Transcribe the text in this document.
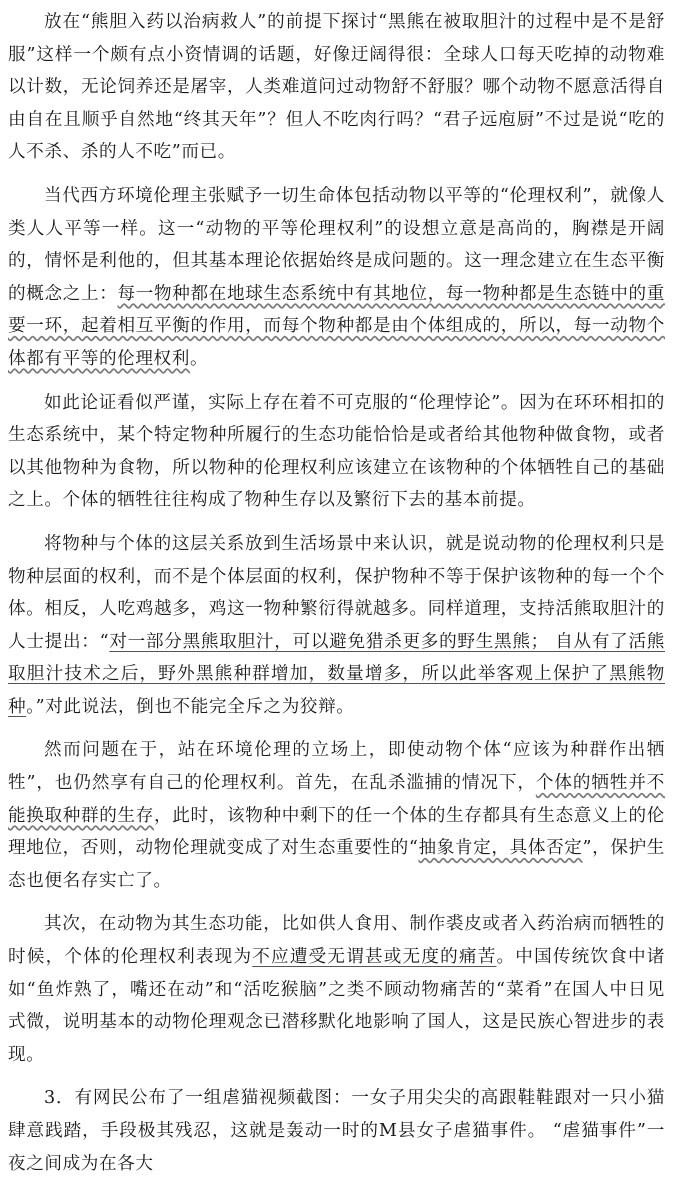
放在“熊胆入药以治病救人”的前提下探讨“黑熊在被取胆汁的过程中是不是舒服”这样一个颇有点小资情调的话题，好像迂阔得很：全球人口每天吃掉的动物难以计数，无论饲养还是屠宰，人类难道问过动物舒不舒服？哪个动物不愿意活得自由自在且顺乎自然地“终其天年”？但人不吃肉行吗？“君子远庖厨”不过是说“吃的人不杀、杀的人不吃”而已。

当代西方环境伦理主张赋予一切生命体包括动物以平等的“伦理权利”，就像人类人人平等一样。这一“动物的平等伦理权利”的设想立意是高尚的，胸襟是开阔的，情怀是利他的，但其基本理论依据始终是成问题的。这一理念建立在生态平衡的概念之上：每一物种都在地球生态系统中有其地位，每一物种都是生态链中的重要一环，起着相互平衡的作用，而每个物种都是由个体组成的，所以，每一动物个体都有平等的伦理权利。

如此论证看似严谨，实际上存在着不可克服的“伦理悖论”。因为在环环相扣的生态系统中，某个特定物种所履行的生态功能恰恰是或者给其他物种做食物，或者以其他物种为食物，所以物种的伦理权利应该建立在该物种的个体牺牲自己的基础之上。个体的牺牲往往构成了物种生存以及繁衍下去的基本前提。

将物种与个体的这层关系放到生活场景中来认识，就是说动物的伦理权利只是物种层面的权利，而不是个体层面的权利，保护物种不等于保护该物种的每一个个体。相反，人吃鸡越多，鸡这一物种繁衍得就越多。同样道理，支持活熊取胆汁的人士提出：“对一部分黑熊取胆汁，可以避免猎杀更多的野生黑熊； 自从有了活熊取胆汁技术之后，野外黑熊种群增加，数量增多，所以此举客观上保护了黑熊物种。”对此说法，倒也不能完全斥之为狡辩。

然而问题在于，站在环境伦理的立场上，即使动物个体“应该为种群作出牺牲”，也仍然享有自己的伦理权利。首先，在乱杀滥捕的情况下，个体的牺牲并不能换取种群的生存，此时，该物种中剩下的任一个体的生存都具有生态意义上的伦理地位，否则，动物伦理就变成了对生态重要性的“抽象肯定，具体否定”，保护生态也便名存实亡了。

其次，在动物为其生态功能，比如供人食用、制作裘皮或者入药治病而牺牲的时候，个体的伦理权利表现为不应遭受无谓甚或无度的痛苦。中国传统饮食中诸如“鱼炸熟了，嘴还在动”和“活吃猴脑”之类不顾动物痛苦的“菜肴”在国人中日见式微，说明基本的动物伦理观念已潜移默化地影响了国人，这是民族心智进步的表现。

3．有网民公布了一组虐猫视频截图：一女子用尖尖的高跟鞋鞋跟对一只小猫肆意践踏，手段极其残忍，这就是轰动一时的M县女子虐猫事件。 “虐猫事件”一夜之间成为在各大
